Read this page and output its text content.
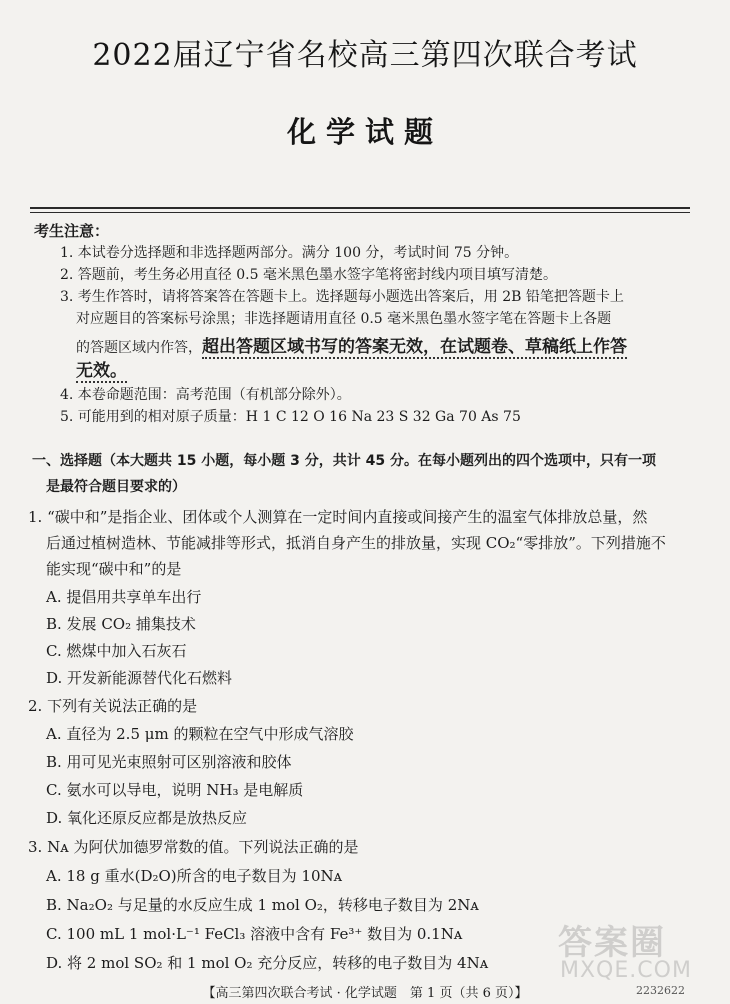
2022届辽宁省名校高三第四次联合考试
化学试题
考生注意：
1. 本试卷分选择题和非选择题两部分。满分 100 分，考试时间 75 分钟。
2. 答题前，考生务必用直径 0.5 毫米黑色墨水签字笔将密封线内项目填写清楚。
3. 考生作答时，请将答案答在答题卡上。选择题每小题选出答案后，用 2B 铅笔把答题卡上
对应题目的答案标号涂黑；非选择题请用直径 0.5 毫米黑色墨水签字笔在答题卡上各题
的答题区域内作答，超出答题区域书写的答案无效，在试题卷、草稿纸上作答
无效。
4. 本卷命题范围：高考范围（有机部分除外）。
5. 可能用到的相对原子质量：H 1 C 12 O 16 Na 23 S 32 Ga 70 As 75
一、选择题（本大题共 15 小题，每小题 3 分，共计 45 分。在每小题列出的四个选项中，只有一项
是最符合题目要求的）
1. “碳中和”是指企业、团体或个人测算在一定时间内直接或间接产生的温室气体排放总量，然
后通过植树造林、节能减排等形式，抵消自身产生的排放量，实现 CO₂“零排放”。下列措施不
能实现“碳中和”的是
A. 提倡用共享单车出行
B. 发展 CO₂ 捕集技术
C. 燃煤中加入石灰石
D. 开发新能源替代化石燃料
2. 下列有关说法正确的是
A. 直径为 2.5 μm 的颗粒在空气中形成气溶胶
B. 用可见光束照射可区别溶液和胶体
C. 氨水可以导电，说明 NH₃ 是电解质
D. 氧化还原反应都是放热反应
3. Nᴀ 为阿伏加德罗常数的值。下列说法正确的是
A. 18 g 重水(D₂O)所含的电子数目为 10Nᴀ
B. Na₂O₂ 与足量的水反应生成 1 mol O₂，转移电子数目为 2Nᴀ
C. 100 mL 1 mol·L⁻¹ FeCl₃ 溶液中含有 Fe³⁺ 数目为 0.1Nᴀ
D. 将 2 mol SO₂ 和 1 mol O₂ 充分反应，转移的电子数目为 4Nᴀ 答案圈
MXQE.COM
【高三第四次联合考试 · 化学试题　第 1 页（共 6 页）】	2232622
